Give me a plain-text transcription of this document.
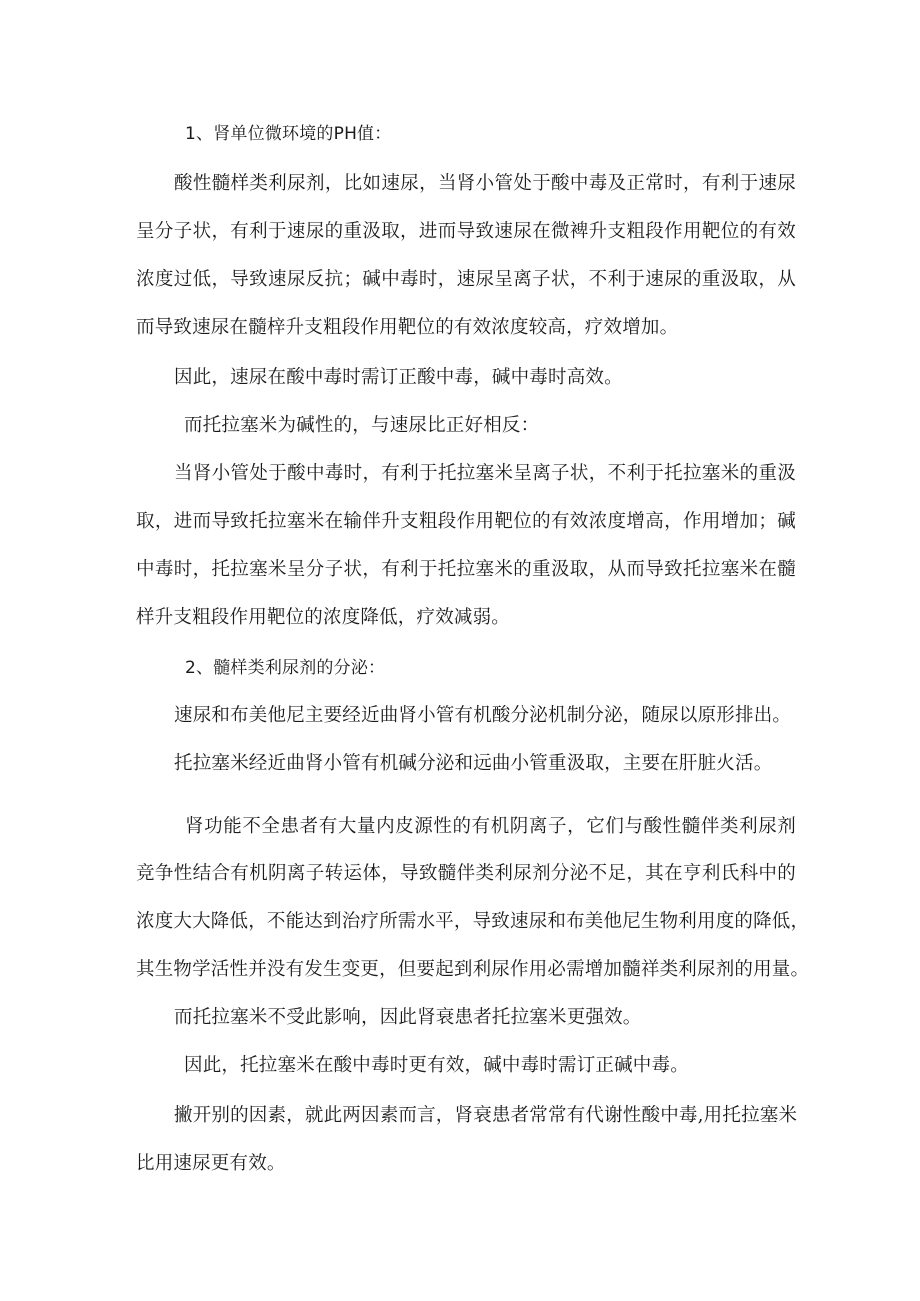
1、肾单位微环境的PH值：
酸性髓样类利尿剂，比如速尿，当肾小管处于酸中毒及正常时，有利于速尿
呈分子状，有利于速尿的重汲取，进而导致速尿在微裨升支粗段作用靶位的有效
浓度过低，导致速尿反抗；碱中毒时，速尿呈离子状，不利于速尿的重汲取，从
而导致速尿在髓梓升支粗段作用靶位的有效浓度较高，疗效增加。
因此，速尿在酸中毒时需订正酸中毒，碱中毒时高效。
而托拉塞米为碱性的，与速尿比正好相反：
当肾小管处于酸中毒时，有利于托拉塞米呈离子状，不利于托拉塞米的重汲
取，进而导致托拉塞米在输伴升支粗段作用靶位的有效浓度增高，作用增加；碱
中毒时，托拉塞米呈分子状，有利于托拉塞米的重汲取，从而导致托拉塞米在髓
样升支粗段作用靶位的浓度降低，疗效减弱。
2、髓样类利尿剂的分泌：
速尿和布美他尼主要经近曲肾小管有机酸分泌机制分泌，随尿以原形排出。
托拉塞米经近曲肾小管有机碱分泌和远曲小管重汲取，主要在肝脏火活。
肾功能不全患者有大量内皮源性的有机阴离子，它们与酸性髓伴类利尿剂
竞争性结合有机阴离子转运体，导致髓伴类利尿剂分泌不足，其在亨利氏科中的
浓度大大降低，不能达到治疗所需水平，导致速尿和布美他尼生物利用度的降低，
其生物学活性并没有发生变更，但要起到利尿作用必需增加髓祥类利尿剂的用量。
而托拉塞米不受此影响，因此肾衰患者托拉塞米更强效。
因此，托拉塞米在酸中毒时更有效，碱中毒时需订正碱中毒。
撇开别的因素，就此两因素而言，肾衰患者常常有代谢性酸中毒,用托拉塞米
比用速尿更有效。
